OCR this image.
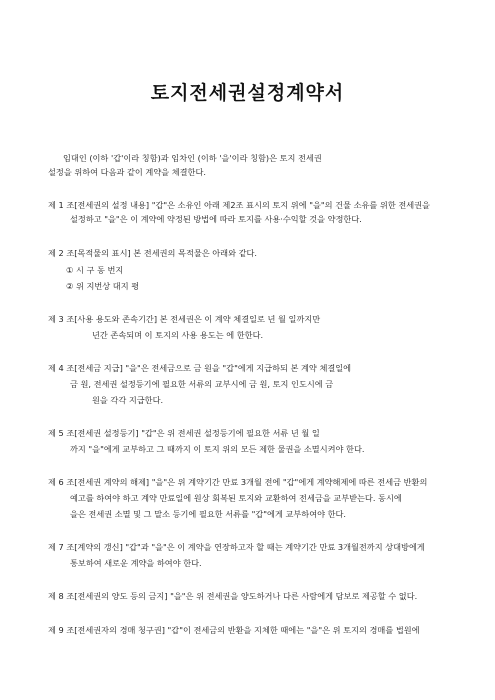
토지전세권설정계약서
임대인 (이하 '갑'이라 칭함)과 임차인 (이하 '을'이라 칭함)은 토지 전세권
설정을 위하여 다음과 같이 계약을 체결한다.
제 1 조[전세권의 설정 내용] "갑"은 소유인 아래 제2조 표시의 토지 위에 "을"의 건물 소유를 위한 전세권을
설정하고 "을"은 이 계약에 약정된 방법에 따라 토지를 사용·수익할 것을 약정한다.
제 2 조[목적물의 표시] 본 전세권의 목적물은 아래와 같다.
① 시 구 동 번지
② 위 지번상 대지 평
제 3 조[사용 용도와 존속기간] 본 전세권은 이 계약 체결일로 년 월 일까지만
년간 존속되며 이 토지의 사용 용도는 에 한한다.
제 4 조[전세금 지급] "을"은 전세금으로 금 원을 "갑"에게 지급하되 본 계약 체결일에
금 원, 전세권 설정등기에 필요한 서류의 교부시에 금 원, 토지 인도시에 금
원을 각각 지급한다.
제 5 조[전세권 설정등기] "갑"은 위 전세권 설정등기에 필요한 서류 년 월 일
까지 "을"에게 교부하고 그 때까지 이 토지 위의 모든 제한 물권을 소멸시켜야 한다.
제 6 조[전세권 계약의 해제] "을"은 위 계약기간 만료 3개월 전에 "갑"에게 계약해제에 따른 전세금 반환의
예고를 하여야 하고 계약 만료일에 원상 회복된 토지와 교환하여 전세금을 교부받는다. 동시에
을은 전세권 소멸 및 그 말소 등기에 필요한 서류를 "갑"에게 교부하여야 한다.
제 7 조[계약의 갱신] "갑"과 "을"은 이 계약을 연장하고자 할 때는 계약기간 만료 3개월전까지 상대방에게
통보하여 새로운 계약을 하여야 한다.
제 8 조[전세권의 양도 등의 금지] "을"은 위 전세권을 양도하거나 다른 사람에게 담보로 제공할 수 없다.
제 9 조[전세권자의 경매 청구권] "갑"이 전세금의 반환을 지체한 때에는 "을"은 위 토지의 경매를 법원에
